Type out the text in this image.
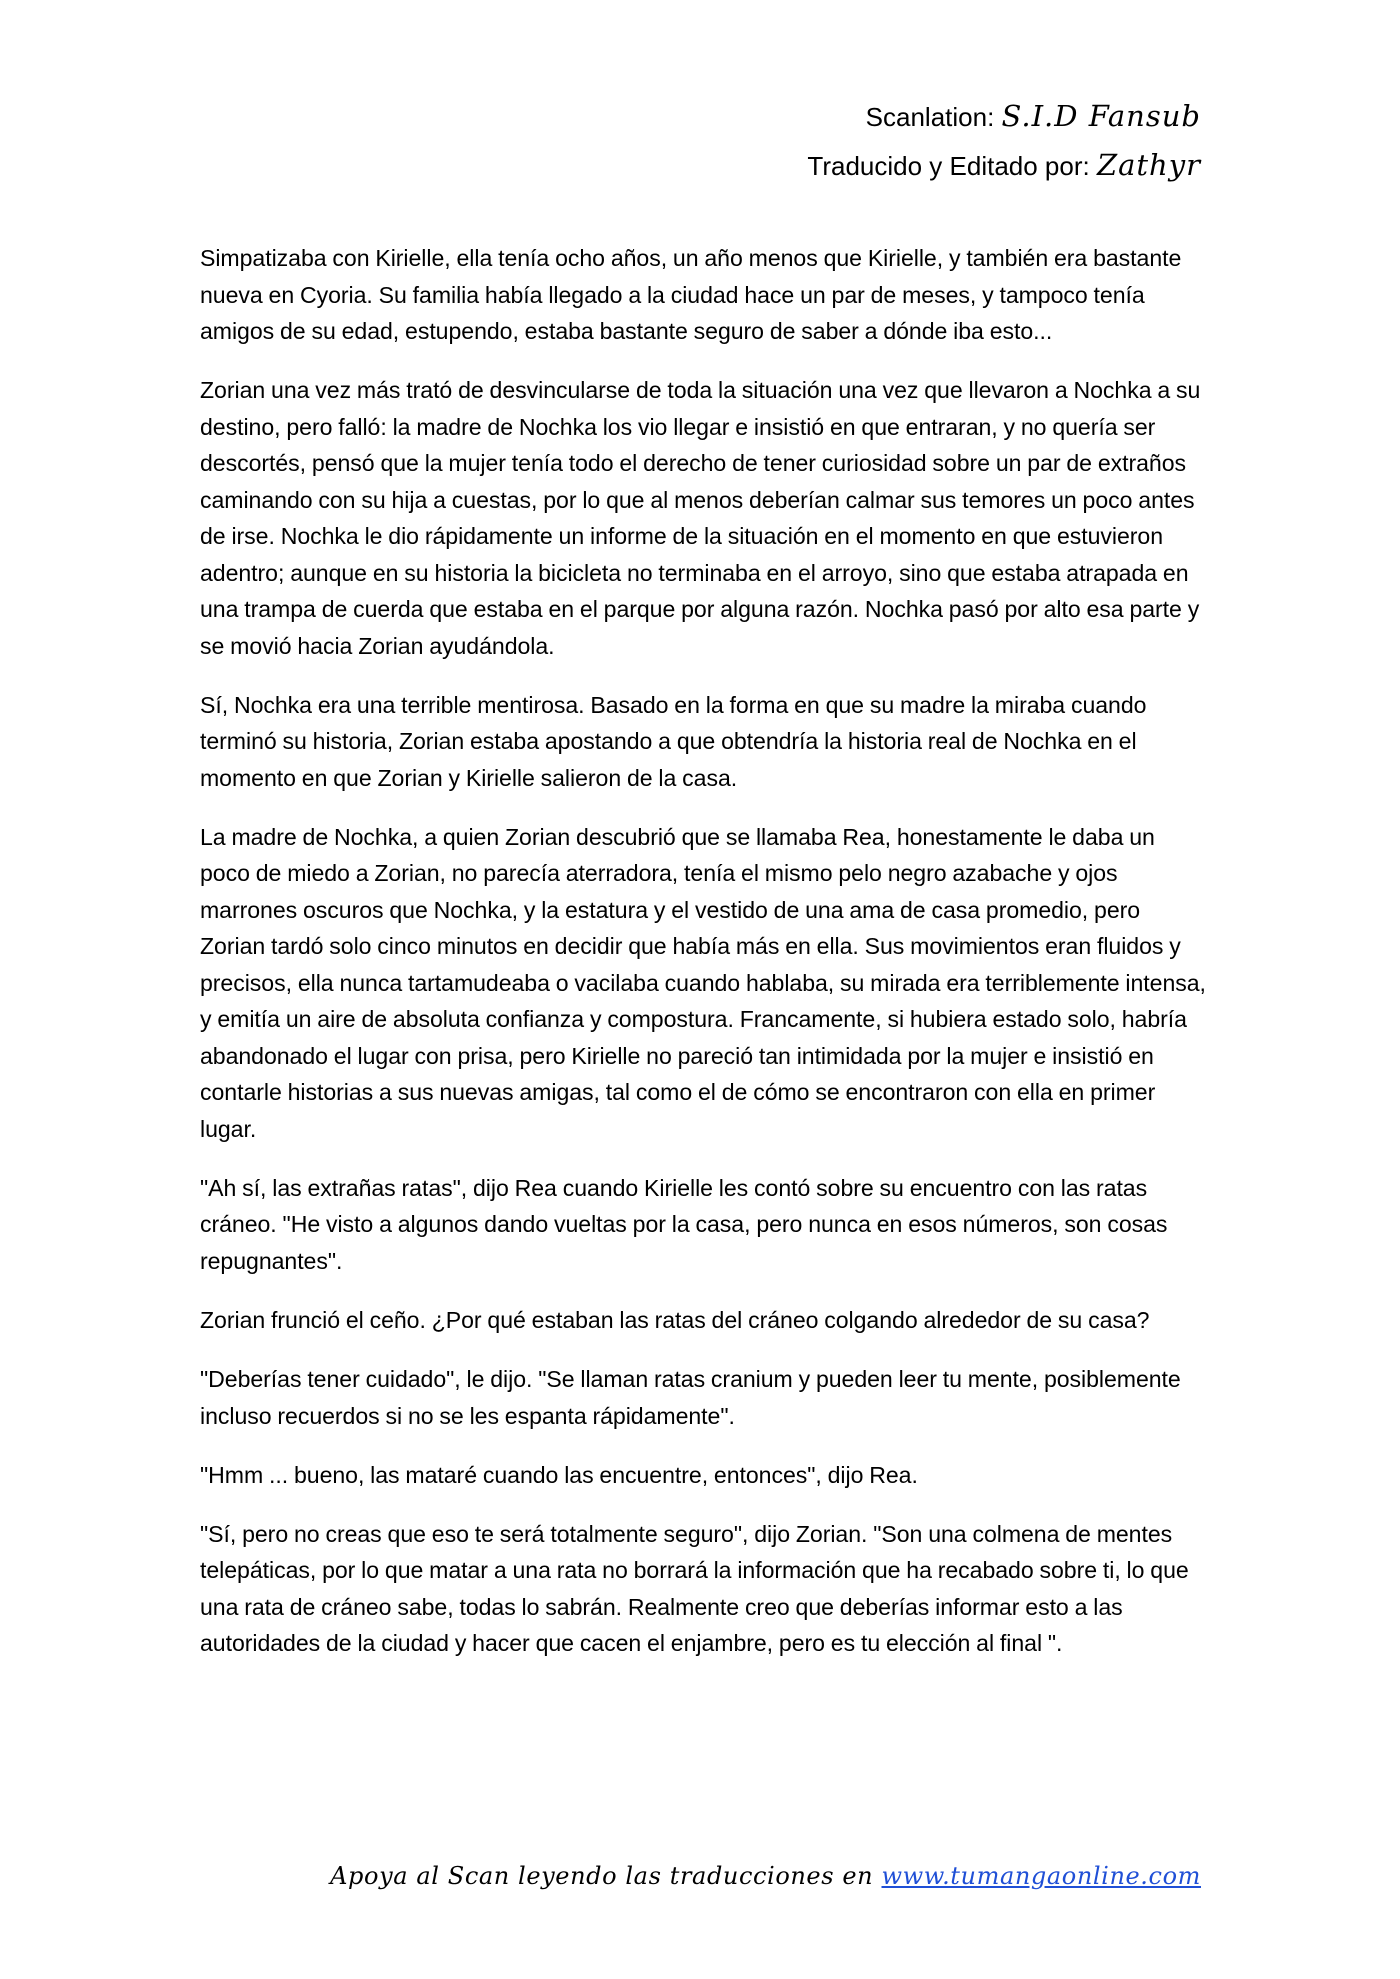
Scanlation: S.I.D Fansub
Traducido y Editado por: Zathyr

Simpatizaba con Kirielle, ella tenía ocho años, un año menos que Kirielle, y también era bastante nueva en Cyoria. Su familia había llegado a la ciudad hace un par de meses, y tampoco tenía amigos de su edad, estupendo, estaba bastante seguro de saber a dónde iba esto...

Zorian una vez más trató de desvincularse de toda la situación una vez que llevaron a Nochka a su destino, pero falló: la madre de Nochka los vio llegar e insistió en que entraran, y no quería ser descortés, pensó que la mujer tenía todo el derecho de tener curiosidad sobre un par de extraños caminando con su hija a cuestas, por lo que al menos deberían calmar sus temores un poco antes de irse. Nochka le dio rápidamente un informe de la situación en el momento en que estuvieron adentro; aunque en su historia la bicicleta no terminaba en el arroyo, sino que estaba atrapada en una trampa de cuerda que estaba en el parque por alguna razón. Nochka pasó por alto esa parte y se movió hacia Zorian ayudándola.

Sí, Nochka era una terrible mentirosa. Basado en la forma en que su madre la miraba cuando terminó su historia, Zorian estaba apostando a que obtendría la historia real de Nochka en el momento en que Zorian y Kirielle salieron de la casa.

La madre de Nochka, a quien Zorian descubrió que se llamaba Rea, honestamente le daba un poco de miedo a Zorian, no parecía aterradora, tenía el mismo pelo negro azabache y ojos marrones oscuros que Nochka, y la estatura y el vestido de una ama de casa promedio, pero Zorian tardó solo cinco minutos en decidir que había más en ella. Sus movimientos eran fluidos y precisos, ella nunca tartamudeaba o vacilaba cuando hablaba, su mirada era terriblemente intensa, y emitía un aire de absoluta confianza y compostura. Francamente, si hubiera estado solo, habría abandonado el lugar con prisa, pero Kirielle no pareció tan intimidada por la mujer e insistió en contarle historias a sus nuevas amigas, tal como el de cómo se encontraron con ella en primer lugar.

"Ah sí, las extrañas ratas", dijo Rea cuando Kirielle les contó sobre su encuentro con las ratas cráneo. "He visto a algunos dando vueltas por la casa, pero nunca en esos números, son cosas repugnantes".

Zorian frunció el ceño. ¿Por qué estaban las ratas del cráneo colgando alrededor de su casa?

"Deberías tener cuidado", le dijo. "Se llaman ratas cranium y pueden leer tu mente, posiblemente incluso recuerdos si no se les espanta rápidamente".

"Hmm ... bueno, las mataré cuando las encuentre, entonces", dijo Rea.

"Sí, pero no creas que eso te será totalmente seguro", dijo Zorian. "Son una colmena de mentes telepáticas, por lo que matar a una rata no borrará la información que ha recabado sobre ti, lo que una rata de cráneo sabe, todas lo sabrán. Realmente creo que deberías informar esto a las autoridades de la ciudad y hacer que cacen el enjambre, pero es tu elección al final ".

Apoya al Scan leyendo las traducciones en www.tumangaonline.com
